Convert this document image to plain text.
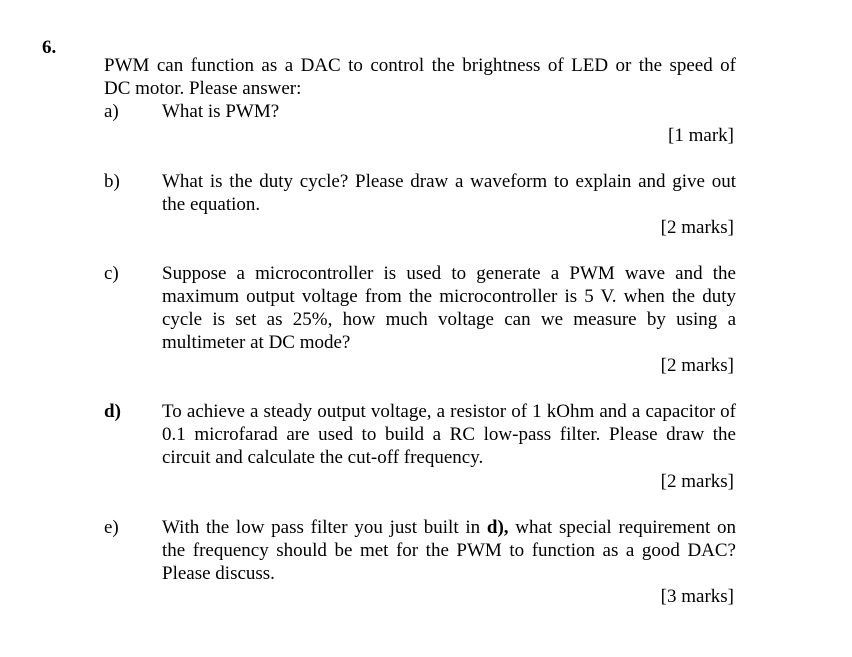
6.
PWM can function as a DAC to control the brightness of LED or the speed of
DC motor. Please answer:
a)	What is PWM?
[1 mark]
b)	What is the duty cycle? Please draw a waveform to explain and give out the equation.
[2 marks]
c)	Suppose a microcontroller is used to generate a PWM wave and the maximum output voltage from the microcontroller is 5 V. when the duty cycle is set as 25%, how much voltage can we measure by using a multimeter at DC mode?
[2 marks]
d)	To achieve a steady output voltage, a resistor of 1 kOhm and a capacitor of 0.1 microfarad are used to build a RC low-pass filter. Please draw the circuit and calculate the cut-off frequency.
[2 marks]
e)	With the low pass filter you just built in d), what special requirement on the frequency should be met for the PWM to function as a good DAC? Please discuss.
[3 marks]
